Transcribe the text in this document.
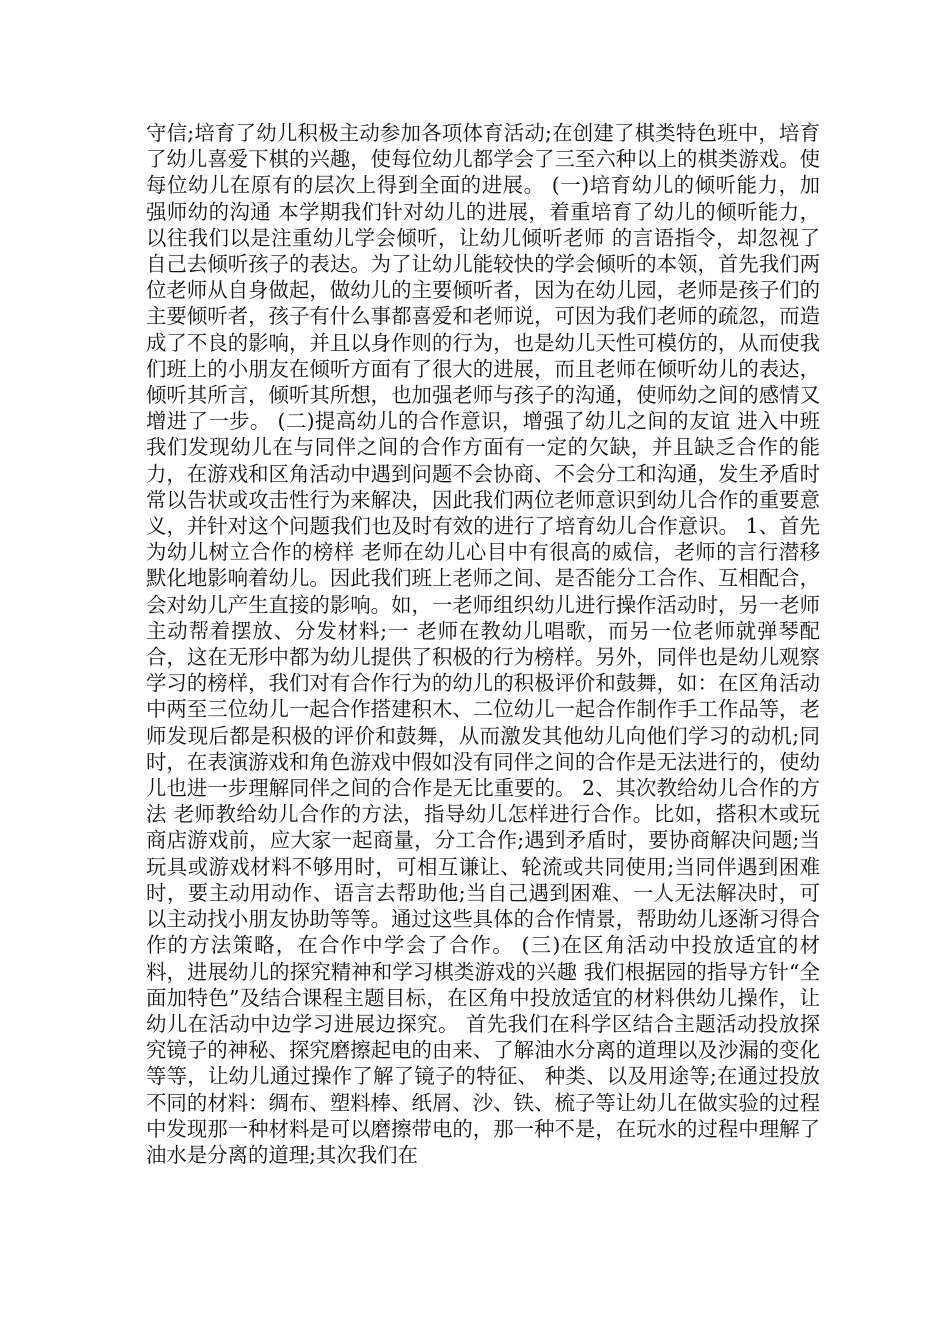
守信;培育了幼儿积极主动参加各项体育活动;在创建了棋类特色班中，培育了幼儿喜爱下棋的兴趣，使每位幼儿都学会了三至六种以上的棋类游戏。使每位幼儿在原有的层次上得到全面的进展。 (一)培育幼儿的倾听能力，加强师幼的沟通 本学期我们针对幼儿的进展，着重培育了幼儿的倾听能力，以往我们以是注重幼儿学会倾听，让幼儿倾听老师 的言语指令，却忽视了自己去倾听孩子的表达。为了让幼儿能较快的学会倾听的本领，首先我们两位老师从自身做起，做幼儿的主要倾听者，因为在幼儿园，老师是孩子们的主要倾听者，孩子有什么事都喜爱和老师说，可因为我们老师的疏忽，而造成了不良的影响，并且以身作则的行为，也是幼儿天性可模仿的，从而使我们班上的小朋友在倾听方面有了很大的进展，而且老师在倾听幼儿的表达，倾听其所言，倾听其所想，也加强老师与孩子的沟通，使师幼之间的感情又增进了一步。 (二)提高幼儿的合作意识，增强了幼儿之间的友谊 进入中班我们发现幼儿在与同伴之间的合作方面有一定的欠缺，并且缺乏合作的能力，在游戏和区角活动中遇到问题不会协商、不会分工和沟通，发生矛盾时常以告状或攻击性行为来解决，因此我们两位老师意识到幼儿合作的重要意义，并针对这个问题我们也及时有效的进行了培育幼儿合作意识。 1、首先为幼儿树立合作的榜样 老师在幼儿心目中有很高的威信，老师的言行潜移默化地影响着幼儿。因此我们班上老师之间、是否能分工合作、互相配合，会对幼儿产生直接的影响。如，一老师组织幼儿进行操作活动时，另一老师主动帮着摆放、分发材料;一 老师在教幼儿唱歌，而另一位老师就弹琴配合，这在无形中都为幼儿提供了积极的行为榜样。另外，同伴也是幼儿观察学习的榜样，我们对有合作行为的幼儿的积极评价和鼓舞，如：在区角活动中两至三位幼儿一起合作搭建积木、二位幼儿一起合作制作手工作品等，老师发现后都是积极的评价和鼓舞，从而激发其他幼儿向他们学习的动机;同时，在表演游戏和角色游戏中假如没有同伴之间的合作是无法进行的，使幼儿也进一步理解同伴之间的合作是无比重要的。 2、其次教给幼儿合作的方法 老师教给幼儿合作的方法，指导幼儿怎样进行合作。比如，搭积木或玩商店游戏前，应大家一起商量，分工合作;遇到矛盾时，要协商解决问题;当玩具或游戏材料不够用时，可相互谦让、轮流或共同使用;当同伴遇到困难时，要主动用动作、语言去帮助他;当自己遇到困难、一人无法解决时，可以主动找小朋友协助等等。通过这些具体的合作情景，帮助幼儿逐渐习得合作的方法策略，在合作中学会了合作。 (三)在区角活动中投放适宜的材料，进展幼儿的探究精神和学习棋类游戏的兴趣 我们根据园的指导方针“全面加特色”及结合课程主题目标，在区角中投放适宜的材料供幼儿操作，让幼儿在活动中边学习进展边探究。 首先我们在科学区结合主题活动投放探究镜子的神秘、探究磨擦起电的由来、了解油水分离的道理以及沙漏的变化等等，让幼儿通过操作了解了镜子的特征、 种类、以及用途等;在通过投放不同的材料：绸布、塑料棒、纸屑、沙、铁、梳子等让幼儿在做实验的过程中发现那一种材料是可以磨擦带电的，那一种不是，在玩水的过程中理解了油水是分离的道理;其次我们在
